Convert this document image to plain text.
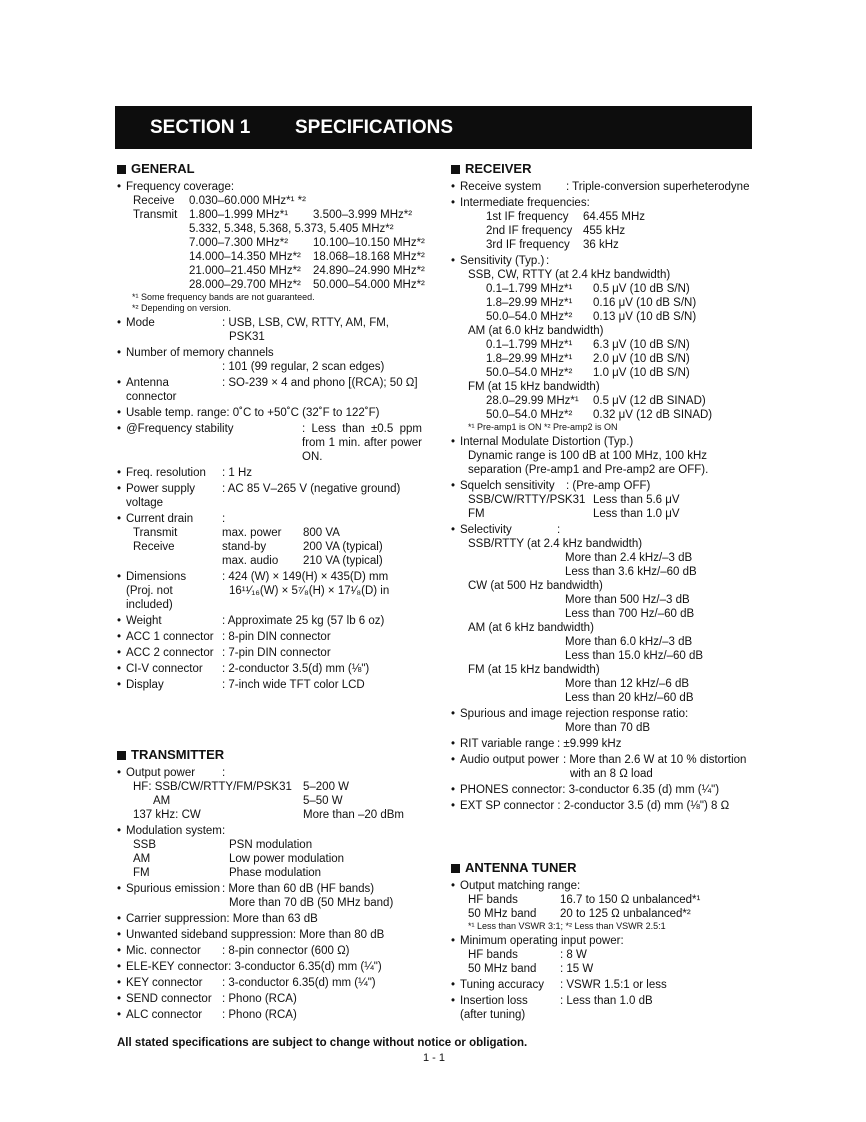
SECTION 1 SPECIFICATIONS
GENERAL
• Frequency coverage:
Receive	0.030–60.000 MHz*¹ *²
Transmit	1.800–1.999 MHz*¹	3.500–3.999 MHz*²
5.332, 5.348, 5.368, 5.373, 5.405 MHz*²
7.000–7.300 MHz*²	10.100–10.150 MHz*²
14.000–14.350 MHz*²	18.068–18.168 MHz*²
21.000–21.450 MHz*²	24.890–24.990 MHz*²
28.000–29.700 MHz*²	50.000–54.000 MHz*²
*¹ Some frequency bands are not guaranteed.
*² Depending on version.
• Mode	: USB, LSB, CW, RTTY, AM, FM,
PSK31
• Number of memory channels
: 101 (99 regular, 2 scan edges)
• Antenna connector
: SO-239 × 4 and phono [(RCA); 50 Ω]
• Usable temp. range : 0˚C to +50˚C (32˚F to 122˚F)
• @Frequency stability	: Less than ±0.5 ppm from 1 min. after power ON.
• Freq. resolution	: 1 Hz
• Power supply
voltage
: AC 85 V–265 V (negative ground)
• Current drain	:
Transmit	max. power	800 VA
Receive	stand-by	200 VA (typical)
max. audio	210 VA (typical)
• Dimensions
(Proj. not included)
: 424 (W) × 149(H) × 435(D) mm
16¹¹⁄₁₆(W) × 5⁷⁄₈(H) × 17¹⁄₈(D) in
• Weight	: Approximate 25 kg (57 lb 6 oz)
• ACC 1 connector : 8-pin DIN connector
• ACC 2 connector : 7-pin DIN connector
• CI-V connector	: 2-conductor 3.5(d) mm (⅛")
• Display	: 7-inch wide TFT color LCD
TRANSMITTER
• Output power	:
HF: SSB/CW/RTTY/FM/PSK31 5–200 W
AM	5–50 W
137 kHz: CW	More than –20 dBm
• Modulation system :
SSB	PSN modulation
AM	Low power modulation
FM	Phase modulation
• Spurious emission : More than 60 dB (HF bands)
More than 70 dB (50 MHz band)
• Carrier suppression: More than 63 dB
• Unwanted sideband suppression: More than 80 dB
• Mic. connector	: 8-pin connector (600 Ω)
• ELE-KEY connector: 3-conductor 6.35(d) mm (¼")
• KEY connector	: 3-conductor 6.35(d) mm (¼")
• SEND connector : Phono (RCA)
• ALC connector	: Phono (RCA)
RECEIVER
• Receive system	: Triple-conversion superheterodyne
• Intermediate frequencies:
1st IF frequency	64.455 MHz
2nd IF frequency 455 kHz
3rd IF frequency	36 kHz
• Sensitivity (Typ.) :
SSB, CW, RTTY (at 2.4 kHz bandwidth)
0.1–1.799 MHz*¹	0.5 μV (10 dB S/N)
1.8–29.99 MHz*¹	0.16 μV (10 dB S/N)
50.0–54.0 MHz*²	0.13 μV (10 dB S/N)
AM (at 6.0 kHz bandwidth)
0.1–1.799 MHz*¹	6.3 μV (10 dB S/N)
1.8–29.99 MHz*¹	2.0 μV (10 dB S/N)
50.0–54.0 MHz*²	1.0 μV (10 dB S/N)
FM (at 15 kHz bandwidth)
28.0–29.99 MHz*¹	0.5 μV (12 dB SINAD)
50.0–54.0 MHz*²	0.32 μV (12 dB SINAD)
*¹ Pre-amp1 is ON *² Pre-amp2 is ON
• Internal Modulate Distortion (Typ.)
Dynamic range is 100 dB at 100 MHz, 100 kHz separation (Pre-amp1 and Pre-amp2 are OFF).
• Squelch sensitivity : (Pre-amp OFF)
SSB/CW/RTTY/PSK31 Less than 5.6 μV
FM	Less than 1.0 μV
• Selectivity	:
SSB/RTTY (at 2.4 kHz bandwidth)
More than 2.4 kHz/–3 dB
Less than 3.6 kHz/–60 dB
CW (at 500 Hz bandwidth)
More than 500 Hz/–3 dB
Less than 700 Hz/–60 dB
AM (at 6 kHz bandwidth)
More than 6.0 kHz/–3 dB
Less than 15.0 kHz/–60 dB
FM (at 15 kHz bandwidth)
More than 12 kHz/–6 dB
Less than 20 kHz/–60 dB
• Spurious and image rejection response ratio:
More than 70 dB
• RIT variable range : ±9.999 kHz
• Audio output power : More than 2.6 W at 10 % distortion
with an 8 Ω load
• PHONES connector: 3-conductor 6.35 (d) mm (¼")
• EXT SP connector : 2-conductor 3.5 (d) mm (⅛") 8 Ω
ANTENNA TUNER
• Output matching range:
HF bands	16.7 to 150 Ω unbalanced*¹
50 MHz band	20 to 125 Ω unbalanced*²
*¹ Less than VSWR 3:1; *² Less than VSWR 2.5:1
• Minimum operating input power:
HF bands	: 8 W
50 MHz band	: 15 W
• Tuning accuracy	: VSWR 1.5:1 or less
• Insertion loss
(after tuning)
: Less than 1.0 dB
All stated specifications are subject to change without notice or obligation.
1 - 1
